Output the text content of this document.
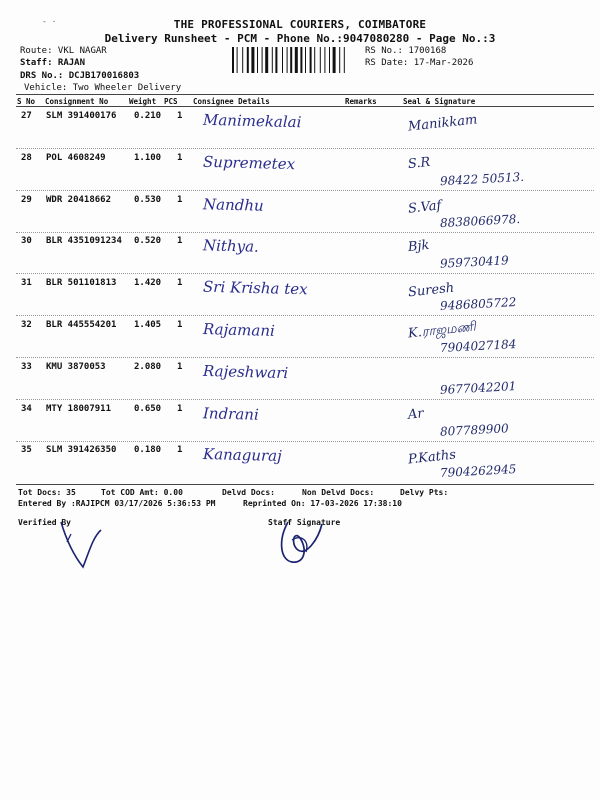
THE PROFESSIONAL COURIERS, COIMBATORE
Delivery Runsheet - PCM - Phone No.:9047080280 - Page No.:3
Route: VKL NAGAR
Staff: RAJAN
DRS No.: DCJB170016803
Vehicle: Two Wheeler Delivery
RS No.: 1700168
RS Date: 17-Mar-2026
- ·
S No Consignment No	Weight PCS Consignee Details	Remarks	Seal & Signature
27 SLM 391400176 0.210 1 Manimekalai	Manikkam
28 POL 4608249	1.100 1 Supremetex	S.R
98422 50513.
29 WDR 20418662	0.530 1 Nandhu	S.Vaf
8838066978.
30 BLR 4351091234 0.520 1 Nithya.	Bjk
959730419
31 BLR 501101813 1.420 1 Sri Krisha tex	Suresh
9486805722
32 BLR 445554201 1.405 1 Rajamani	K.ராஜமணி
7904027184
33 KMU 3870053	2.080 1 Rajeshwari
9677042201
34 MTY 18007911	0.650 1 Indrani	Ar
807789900
35 SLM 391426350 0.180 1 Kanaguraj	P.Kaths
7904262945
Tot Docs: 35	Tot COD Amt: 0.00	Delvd Docs:	Non Delvd Docs:	Delvy Pts:
Entered By :RAJIPCM 03/17/2026 5:36:53 PM	Reprinted On: 17-03-2026 17:38:10
Verified By	Staff Signature
